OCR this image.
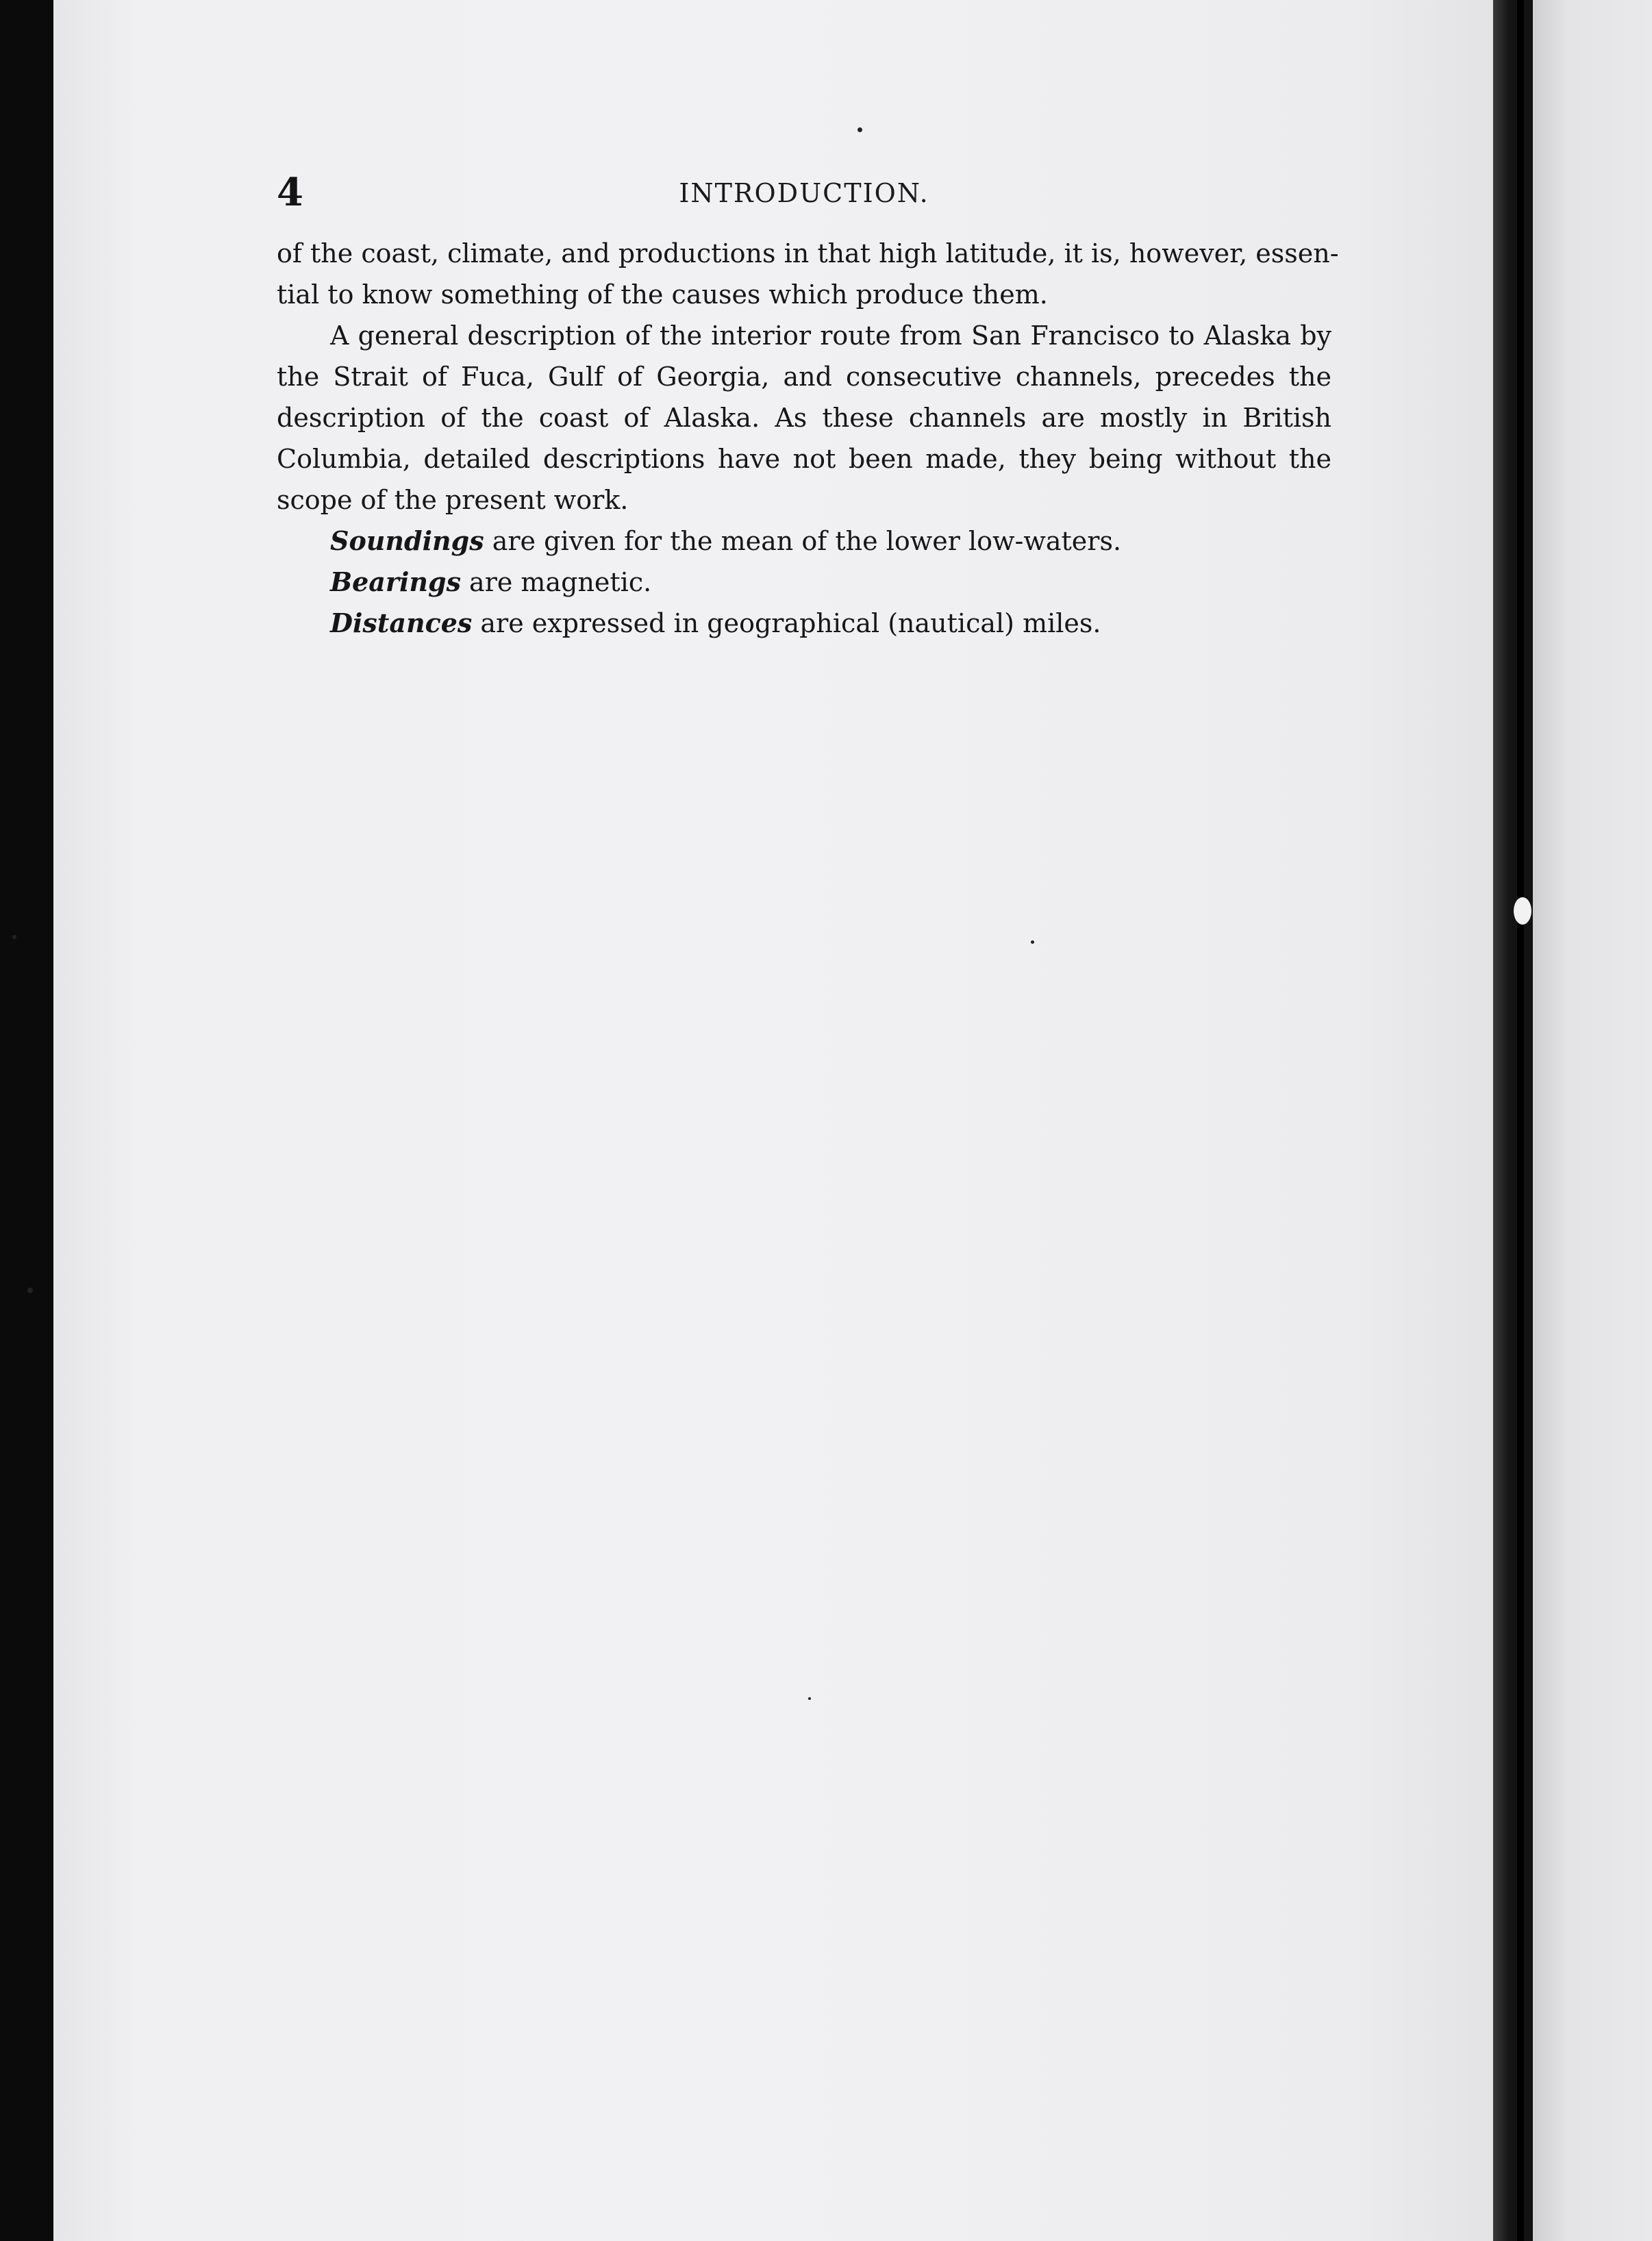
4	INTRODUCTION.

of the coast, climate, and productions in that high latitude, it is, however, essen-
tial to know something of the causes which produce them.

A general description of the interior route from San Francisco to Alaska by
the Strait of Fuca, Gulf of Georgia, and consecutive channels, precedes the
description of the coast of Alaska. As these channels are mostly in British
Columbia, detailed descriptions have not been made, they being without the
scope of the present work.

Soundings are given for the mean of the lower low-waters.

Bearings are magnetic.

Distances are expressed in geographical (nautical) miles.
